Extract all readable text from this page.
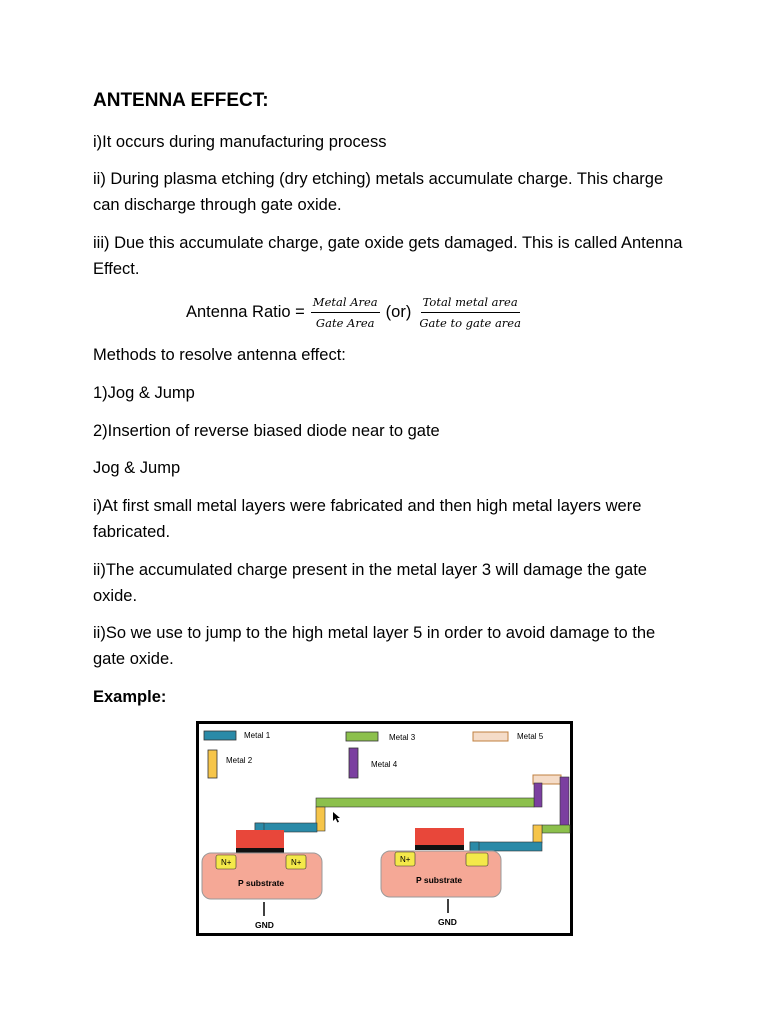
ANTENNA EFFECT:

i)It occurs during manufacturing process

ii) During plasma etching (dry etching) metals accumulate charge. This charge can discharge through gate oxide.

iii) Due this accumulate charge, gate oxide gets damaged. This is called Antenna Effect.

Antenna Ratio = $\frac{\text{Metal Area}}{\text{Gate Area}} (or) \frac{\text{Total metal area}}{\text{Gate to gate area}}$

Methods to resolve antenna effect:

1)Jog & Jump

2)Insertion of reverse biased diode near to gate

Jog & Jump

i)At first small metal layers were fabricated and then high metal layers were fabricated.

ii)The accumulated charge present in the metal layer 3 will damage the gate oxide.

ii)So we use to jump to the high metal layer 5 in order to avoid damage to the gate oxide.

Example:

Metal 1
Metal 2
Metal 3
Metal 4
Metal 5
N+	N+
P substrate
GND
N+
P substrate
GND
